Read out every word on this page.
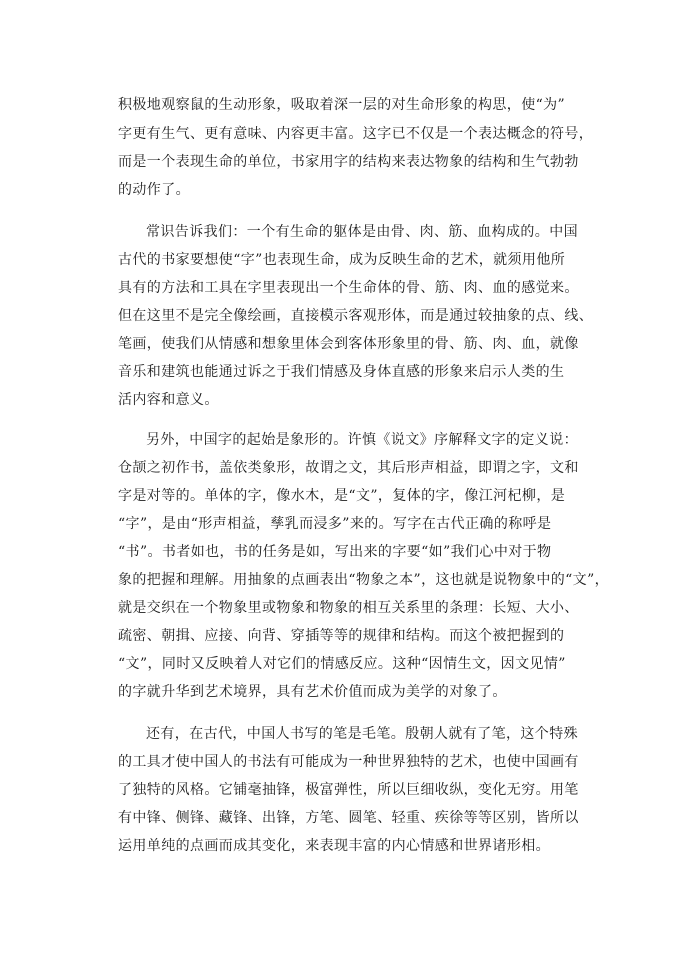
积极地观察鼠的生动形象，吸取着深一层的对生命形象的构思，使“为”
字更有生气、更有意味、内容更丰富。这字已不仅是一个表达概念的符号，
而是一个表现生命的单位，书家用字的结构来表达物象的结构和生气勃勃
的动作了。
常识告诉我们：一个有生命的躯体是由骨、肉、筋、血构成的。中国
古代的书家要想使“字”也表现生命，成为反映生命的艺术，就须用他所
具有的方法和工具在字里表现出一个生命体的骨、筋、肉、血的感觉来。
但在这里不是完全像绘画，直接模示客观形体，而是通过较抽象的点、线、
笔画，使我们从情感和想象里体会到客体形象里的骨、筋、肉、血，就像
音乐和建筑也能通过诉之于我们情感及身体直感的形象来启示人类的生
活内容和意义。
另外，中国字的起始是象形的。许慎《说文》序解释文字的定义说：
仓颉之初作书，盖依类象形，故谓之文，其后形声相益，即谓之字，文和
字是对等的。单体的字，像水木，是“文”，复体的字，像江河杞柳，是
“字”，是由“形声相益，孳乳而浸多”来的。写字在古代正确的称呼是
“书”。书者如也，书的任务是如，写出来的字要“如”我们心中对于物
象的把握和理解。用抽象的点画表出“物象之本”，这也就是说物象中的“文”，
就是交织在一个物象里或物象和物象的相互关系里的条理：长短、大小、
疏密、朝揖、应接、向背、穿插等等的规律和结构。而这个被把握到的
“文”，同时又反映着人对它们的情感反应。这种“因情生文，因文见情”
的字就升华到艺术境界，具有艺术价值而成为美学的对象了。
还有，在古代，中国人书写的笔是毛笔。殷朝人就有了笔，这个特殊
的工具才使中国人的书法有可能成为一种世界独特的艺术，也使中国画有
了独特的风格。它铺毫抽锋，极富弹性，所以巨细收纵，变化无穷。用笔
有中锋、侧锋、藏锋、出锋，方笔、圆笔、轻重、疾徐等等区别，皆所以
运用单纯的点画而成其变化，来表现丰富的内心情感和世界诸形相。
